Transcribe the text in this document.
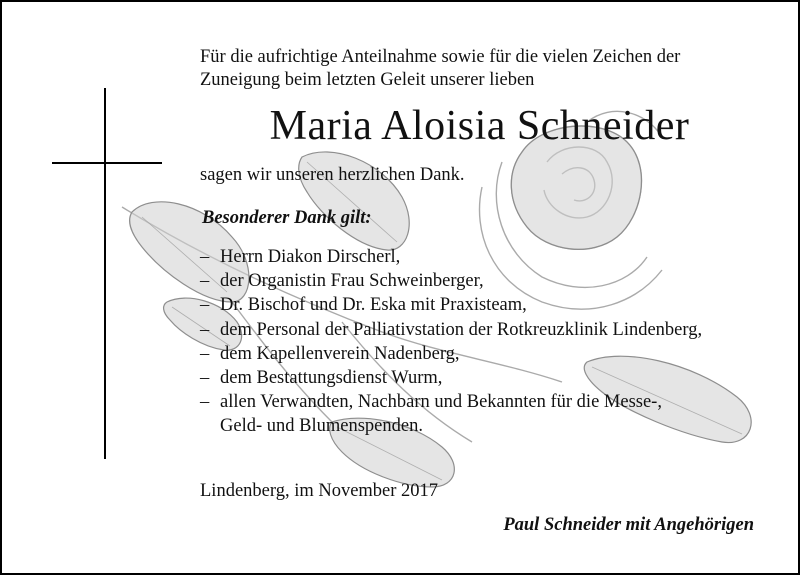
Für die aufrichtige Anteilnahme sowie für die vielen Zeichen der
Zuneigung beim letzten Geleit unserer lieben
Maria Aloisia Schneider
sagen wir unseren herzlichen Dank.
Besonderer Dank gilt:
– Herrn Diakon Dirscherl,
– der Organistin Frau Schweinberger,
– Dr. Bischof und Dr. Eska mit Praxisteam,
– dem Personal der Palliativstation der Rotkreuzklinik Lindenberg,
– dem Kapellenverein Nadenberg,
– dem Bestattungsdienst Wurm,
– allen Verwandten, Nachbarn und Bekannten für die Messe-,
Geld- und Blumenspenden.
Lindenberg, im November 2017
Paul Schneider mit Angehörigen
